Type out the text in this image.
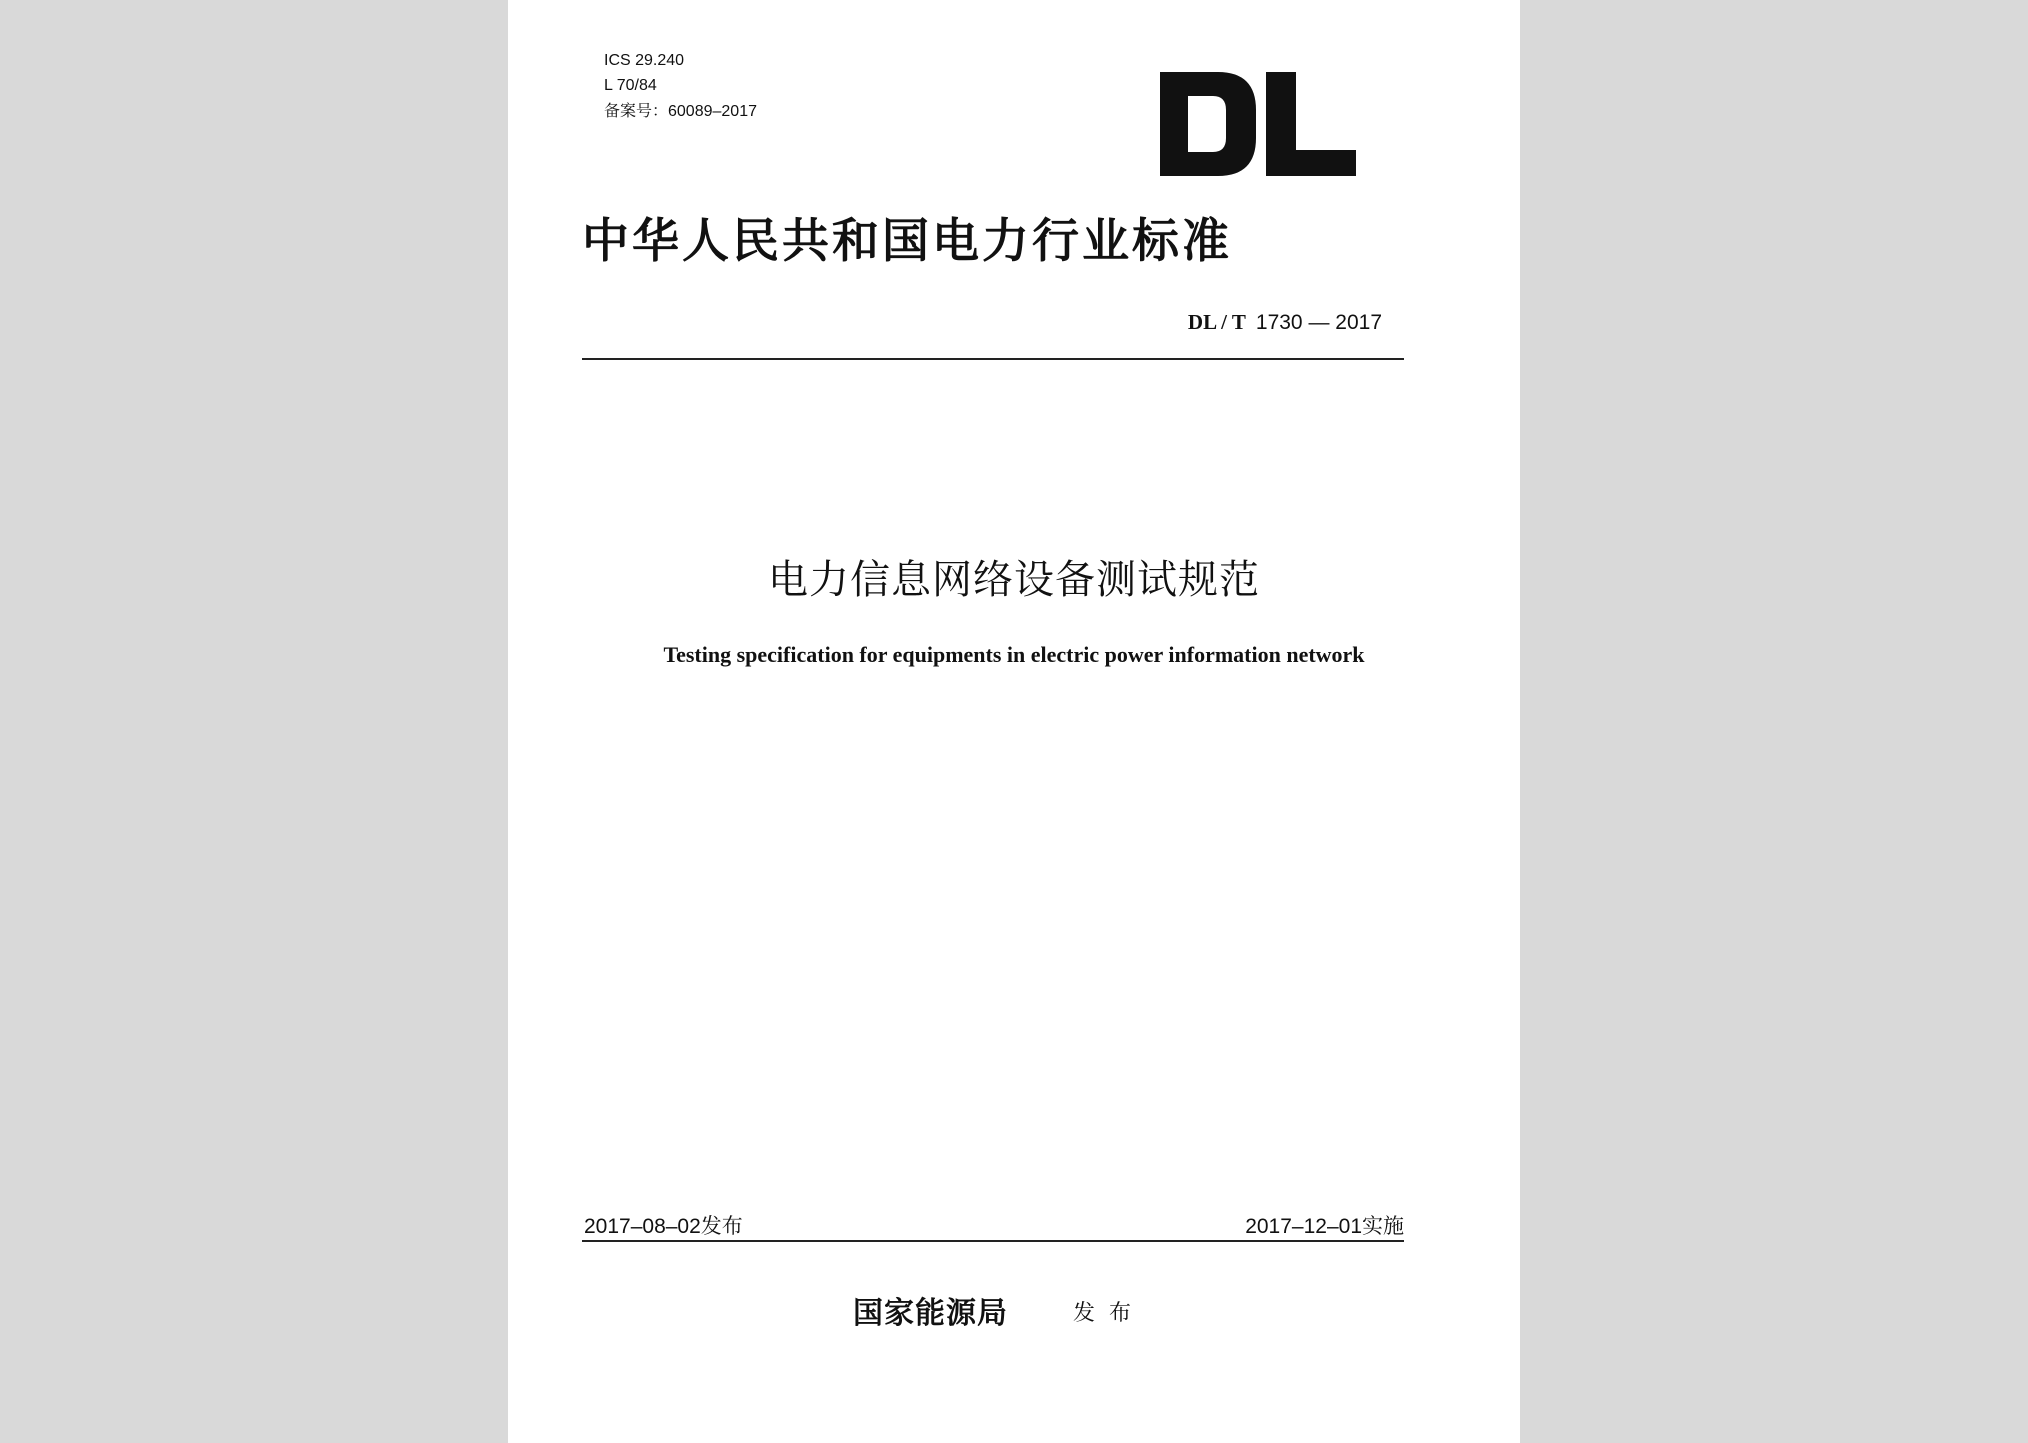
ICS 29.240
L 70/84
备案号：60089–2017
中华人民共和国电力行业标准
DL / T 1730 — 2017
电力信息网络设备测试规范
Testing specification for equipments in electric power information network
2017–08–02发布	2017–12–01实施
国家能源局	发布
